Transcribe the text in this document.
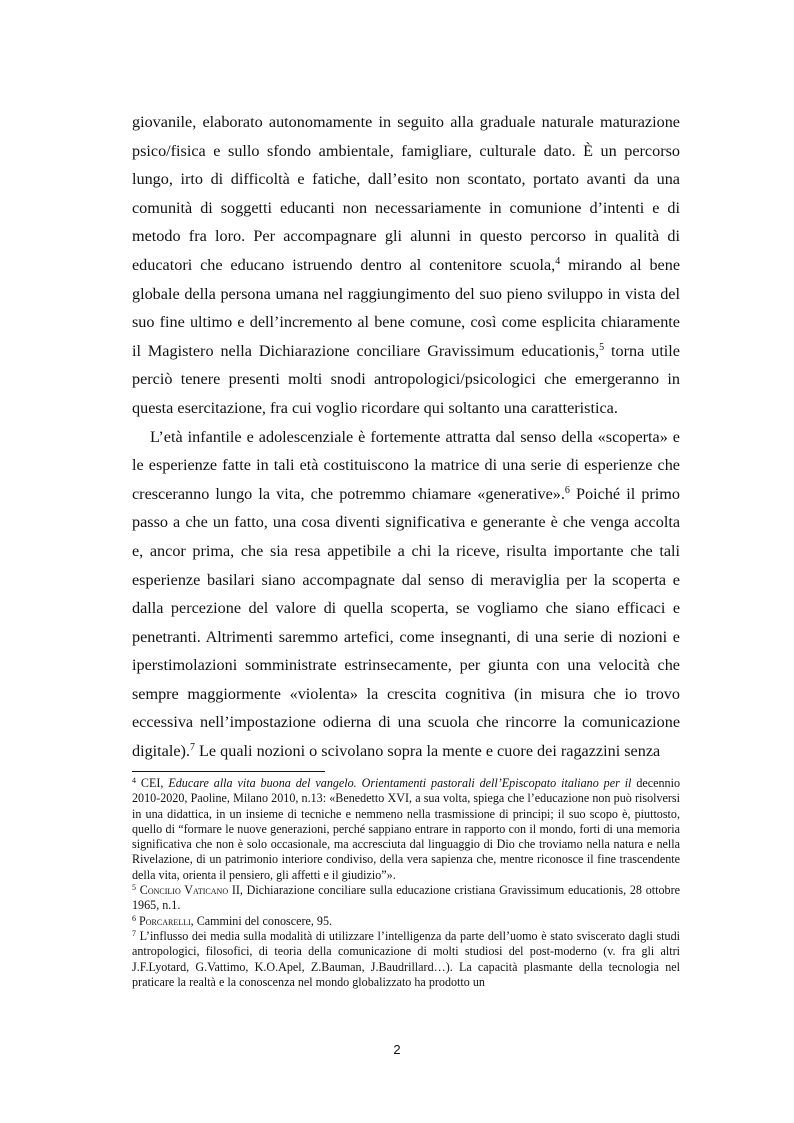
giovanile, elaborato autonomamente in seguito alla graduale naturale maturazione psico/fisica e sullo sfondo ambientale, famigliare, culturale dato. È un percorso lungo, irto di difficoltà e fatiche, dall’esito non scontato, portato avanti da una comunità di soggetti educanti non necessariamente in comunione d’intenti e di metodo fra loro. Per accompagnare gli alunni in questo percorso in qualità di educatori che educano istruendo dentro al contenitore scuola,$^4$ mirando al bene globale della persona umana nel raggiungimento del suo pieno sviluppo in vista del suo fine ultimo e dell’incremento al bene comune, così come esplicita chiaramente il Magistero nella Dichiarazione conciliare Gravissimum educationis,$^5$ torna utile perciò tenere presenti molti snodi antropologici/psicologici che emergeranno in questa esercitazione, fra cui voglio ricordare qui soltanto una caratteristica.

L’età infantile e adolescenziale è fortemente attratta dal senso della «scoperta» e le esperienze fatte in tali età costituiscono la matrice di una serie di esperienze che cresceranno lungo la vita, che potremmo chiamare «generative».$^6$ Poiché il primo passo a che un fatto, una cosa diventi significativa e generante è che venga accolta e, ancor prima, che sia resa appetibile a chi la riceve, risulta importante che tali esperienze basilari siano accompagnate dal senso di meraviglia per la scoperta e dalla percezione del valore di quella scoperta, se vogliamo che siano efficaci e penetranti. Altrimenti saremmo artefici, come insegnanti, di una serie di nozioni e iperstimolazioni somministrate estrinsecamente, per giunta con una velocità che sempre maggiormente «violenta» la crescita cognitiva (in misura che io trovo eccessiva nell’impostazione odierna di una scuola che rincorre la comunicazione digitale).$^7$ Le quali nozioni o scivolano sopra la mente e cuore dei ragazzini senza

$^4$ CEI, Educare alla vita buona del vangelo. Orientamenti pastorali dell’Episcopato italiano per il decennio 2010-2020, Paoline, Milano 2010, n.13: «Benedetto XVI, a sua volta, spiega che l’educazione non può risolversi in una didattica, in un insieme di tecniche e nemmeno nella trasmissione di principi; il suo scopo è, piuttosto, quello di “formare le nuove generazioni, perché sappiano entrare in rapporto con il mondo, forti di una memoria significativa che non è solo occasionale, ma accresciuta dal linguaggio di Dio che troviamo nella natura e nella Rivelazione, di un patrimonio interiore condiviso, della vera sapienza che, mentre riconosce il fine trascendente della vita, orienta il pensiero, gli affetti e il giudizio”».

$^5$ Concilio Vaticano II, Dichiarazione conciliare sulla educazione cristiana Gravissimum educationis, 28 ottobre 1965, n.1.

$^6$ Porcarelli, Cammini del conoscere, 95.

$^7$ L’influsso dei media sulla modalità di utilizzare l’intelligenza da parte dell’uomo è stato sviscerato dagli studi antropologici, filosofici, di teoria della comunicazione di molti studiosi del post-moderno (v. fra gli altri J.F.Lyotard, G.Vattimo, K.O.Apel, Z.Bauman, J.Baudrillard…). La capacità plasmante della tecnologia nel praticare la realtà e la conoscenza nel mondo globalizzato ha prodotto un

2
